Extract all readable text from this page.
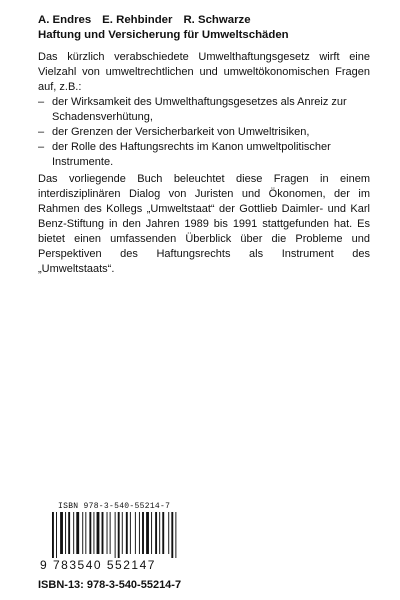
A. Endres E. Rehbinder R. Schwarze
Haftung und Versicherung für Umweltschäden

Das kürzlich verabschiedete Umwelthaftungsgesetz wirft eine Vielzahl von umweltrechtlichen und umweltökonomischen Fragen auf, z.B.:

– der Wirksamkeit des Umwelthaftungsgesetzes als Anreiz zur Schadensverhütung,
– der Grenzen der Versicherbarkeit von Umweltrisiken,
– der Rolle des Haftungsrechts im Kanon umweltpolitischer Instrumente.

Das vorliegende Buch beleuchtet diese Fragen in einem interdisziplinären Dialog von Juristen und Ökonomen, der im Rahmen des Kollegs „Umweltstaat“ der Gottlieb Daimler- und Karl Benz-Stiftung in den Jahren 1989 bis 1991 stattgefunden hat. Es bietet einen umfassenden Überblick über die Probleme und Perspektiven des Haftungsrechts als Instrument des „Umweltstaats“.

ISBN 978-3-540-55214-7
9 783540 552147
ISBN-13: 978-3-540-55214-7
